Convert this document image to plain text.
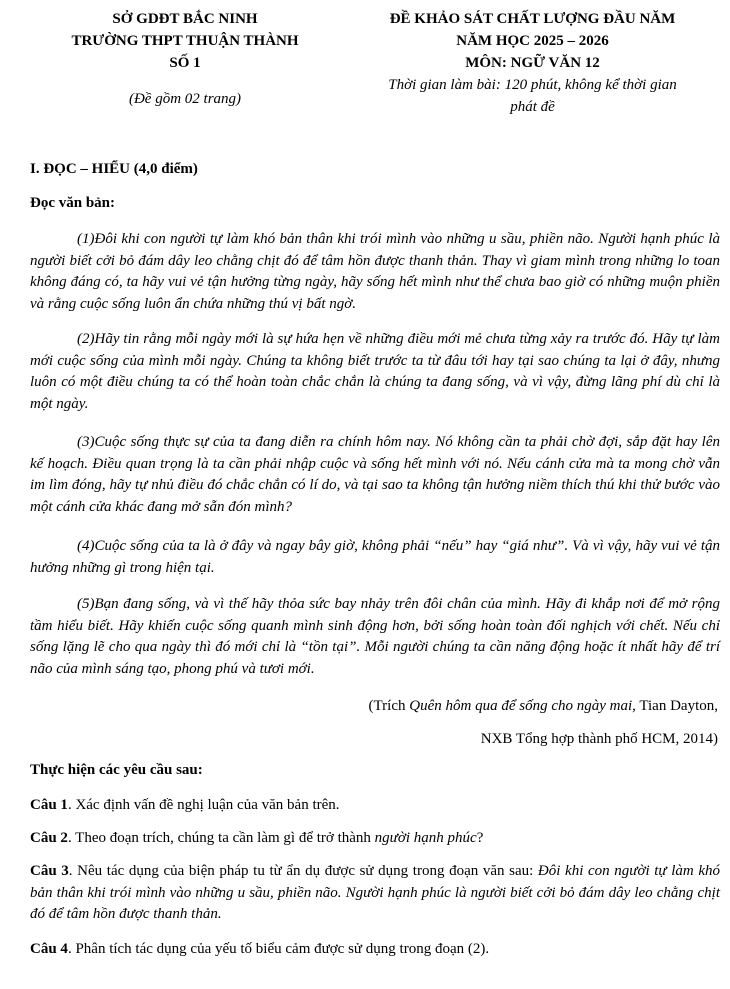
SỞ GDĐT BẮC NINH
TRƯỜNG THPT THUẬN THÀNH
SỐ 1
(Đề gồm 02 trang)
ĐỀ KHẢO SÁT CHẤT LƯỢNG ĐẦU NĂM
NĂM HỌC 2025 – 2026
MÔN: NGỮ VĂN 12
Thời gian làm bài: 120 phút, không kể thời gian
phát đề
I. ĐỌC – HIỂU (4,0 điểm)
Đọc văn bản:

(1)Đôi khi con người tự làm khó bản thân khi trói mình vào những u sầu, phiền não. Người hạnh phúc là người biết cởi bỏ đám dây leo chằng chịt đó để tâm hồn được thanh thản. Thay vì giam mình trong những lo toan không đáng có, ta hãy vui vẻ tận hưởng từng ngày, hãy sống hết mình như thể chưa bao giờ có những muộn phiền và rằng cuộc sống luôn ẩn chứa những thú vị bất ngờ.

(2)Hãy tin rằng mỗi ngày mới là sự hứa hẹn về những điều mới mẻ chưa từng xảy ra trước đó. Hãy tự làm mới cuộc sống của mình mỗi ngày. Chúng ta không biết trước ta từ đâu tới hay tại sao chúng ta lại ở đây, nhưng luôn có một điều chúng ta có thể hoàn toàn chắc chắn là chúng ta đang sống, và vì vậy, đừng lãng phí dù chỉ là một ngày.

(3)Cuộc sống thực sự của ta đang diễn ra chính hôm nay. Nó không cần ta phải chờ đợi, sắp đặt hay lên kế hoạch. Điều quan trọng là ta cần phải nhập cuộc và sống hết mình với nó. Nếu cánh cửa mà ta mong chờ vẫn im lìm đóng, hãy tự nhủ điều đó chắc chắn có lí do, và tại sao ta không tận hưởng niềm thích thú khi thử bước vào một cánh cửa khác đang mở sẵn đón mình?

(4)Cuộc sống của ta là ở đây và ngay bây giờ, không phải “nếu” hay “giá như”. Và vì vậy, hãy vui vẻ tận hưởng những gì trong hiện tại.

(5)Bạn đang sống, và vì thế hãy thỏa sức bay nhảy trên đôi chân của mình. Hãy đi khắp nơi để mở rộng tầm hiểu biết. Hãy khiến cuộc sống quanh mình sinh động hơn, bởi sống hoàn toàn đối nghịch với chết. Nếu chỉ sống lặng lẽ cho qua ngày thì đó mới chỉ là “tồn tại”. Mỗi người chúng ta cần năng động hoặc ít nhất hãy để trí não của mình sáng tạo, phong phú và tươi mới.

(Trích Quên hôm qua để sống cho ngày mai, Tian Dayton,
NXB Tổng hợp thành phố HCM, 2014)
Thực hiện các yêu cầu sau:

Câu 1. Xác định vấn đề nghị luận của văn bản trên.

Câu 2. Theo đoạn trích, chúng ta cần làm gì để trở thành người hạnh phúc?

Câu 3. Nêu tác dụng của biện pháp tu từ ẩn dụ được sử dụng trong đoạn văn sau: Đôi khi con người tự làm khó bản thân khi trói mình vào những u sầu, phiền não. Người hạnh phúc là người biết cởi bỏ đám dây leo chằng chịt đó để tâm hồn được thanh thản.

Câu 4. Phân tích tác dụng của yếu tố biểu cảm được sử dụng trong đoạn (2).
